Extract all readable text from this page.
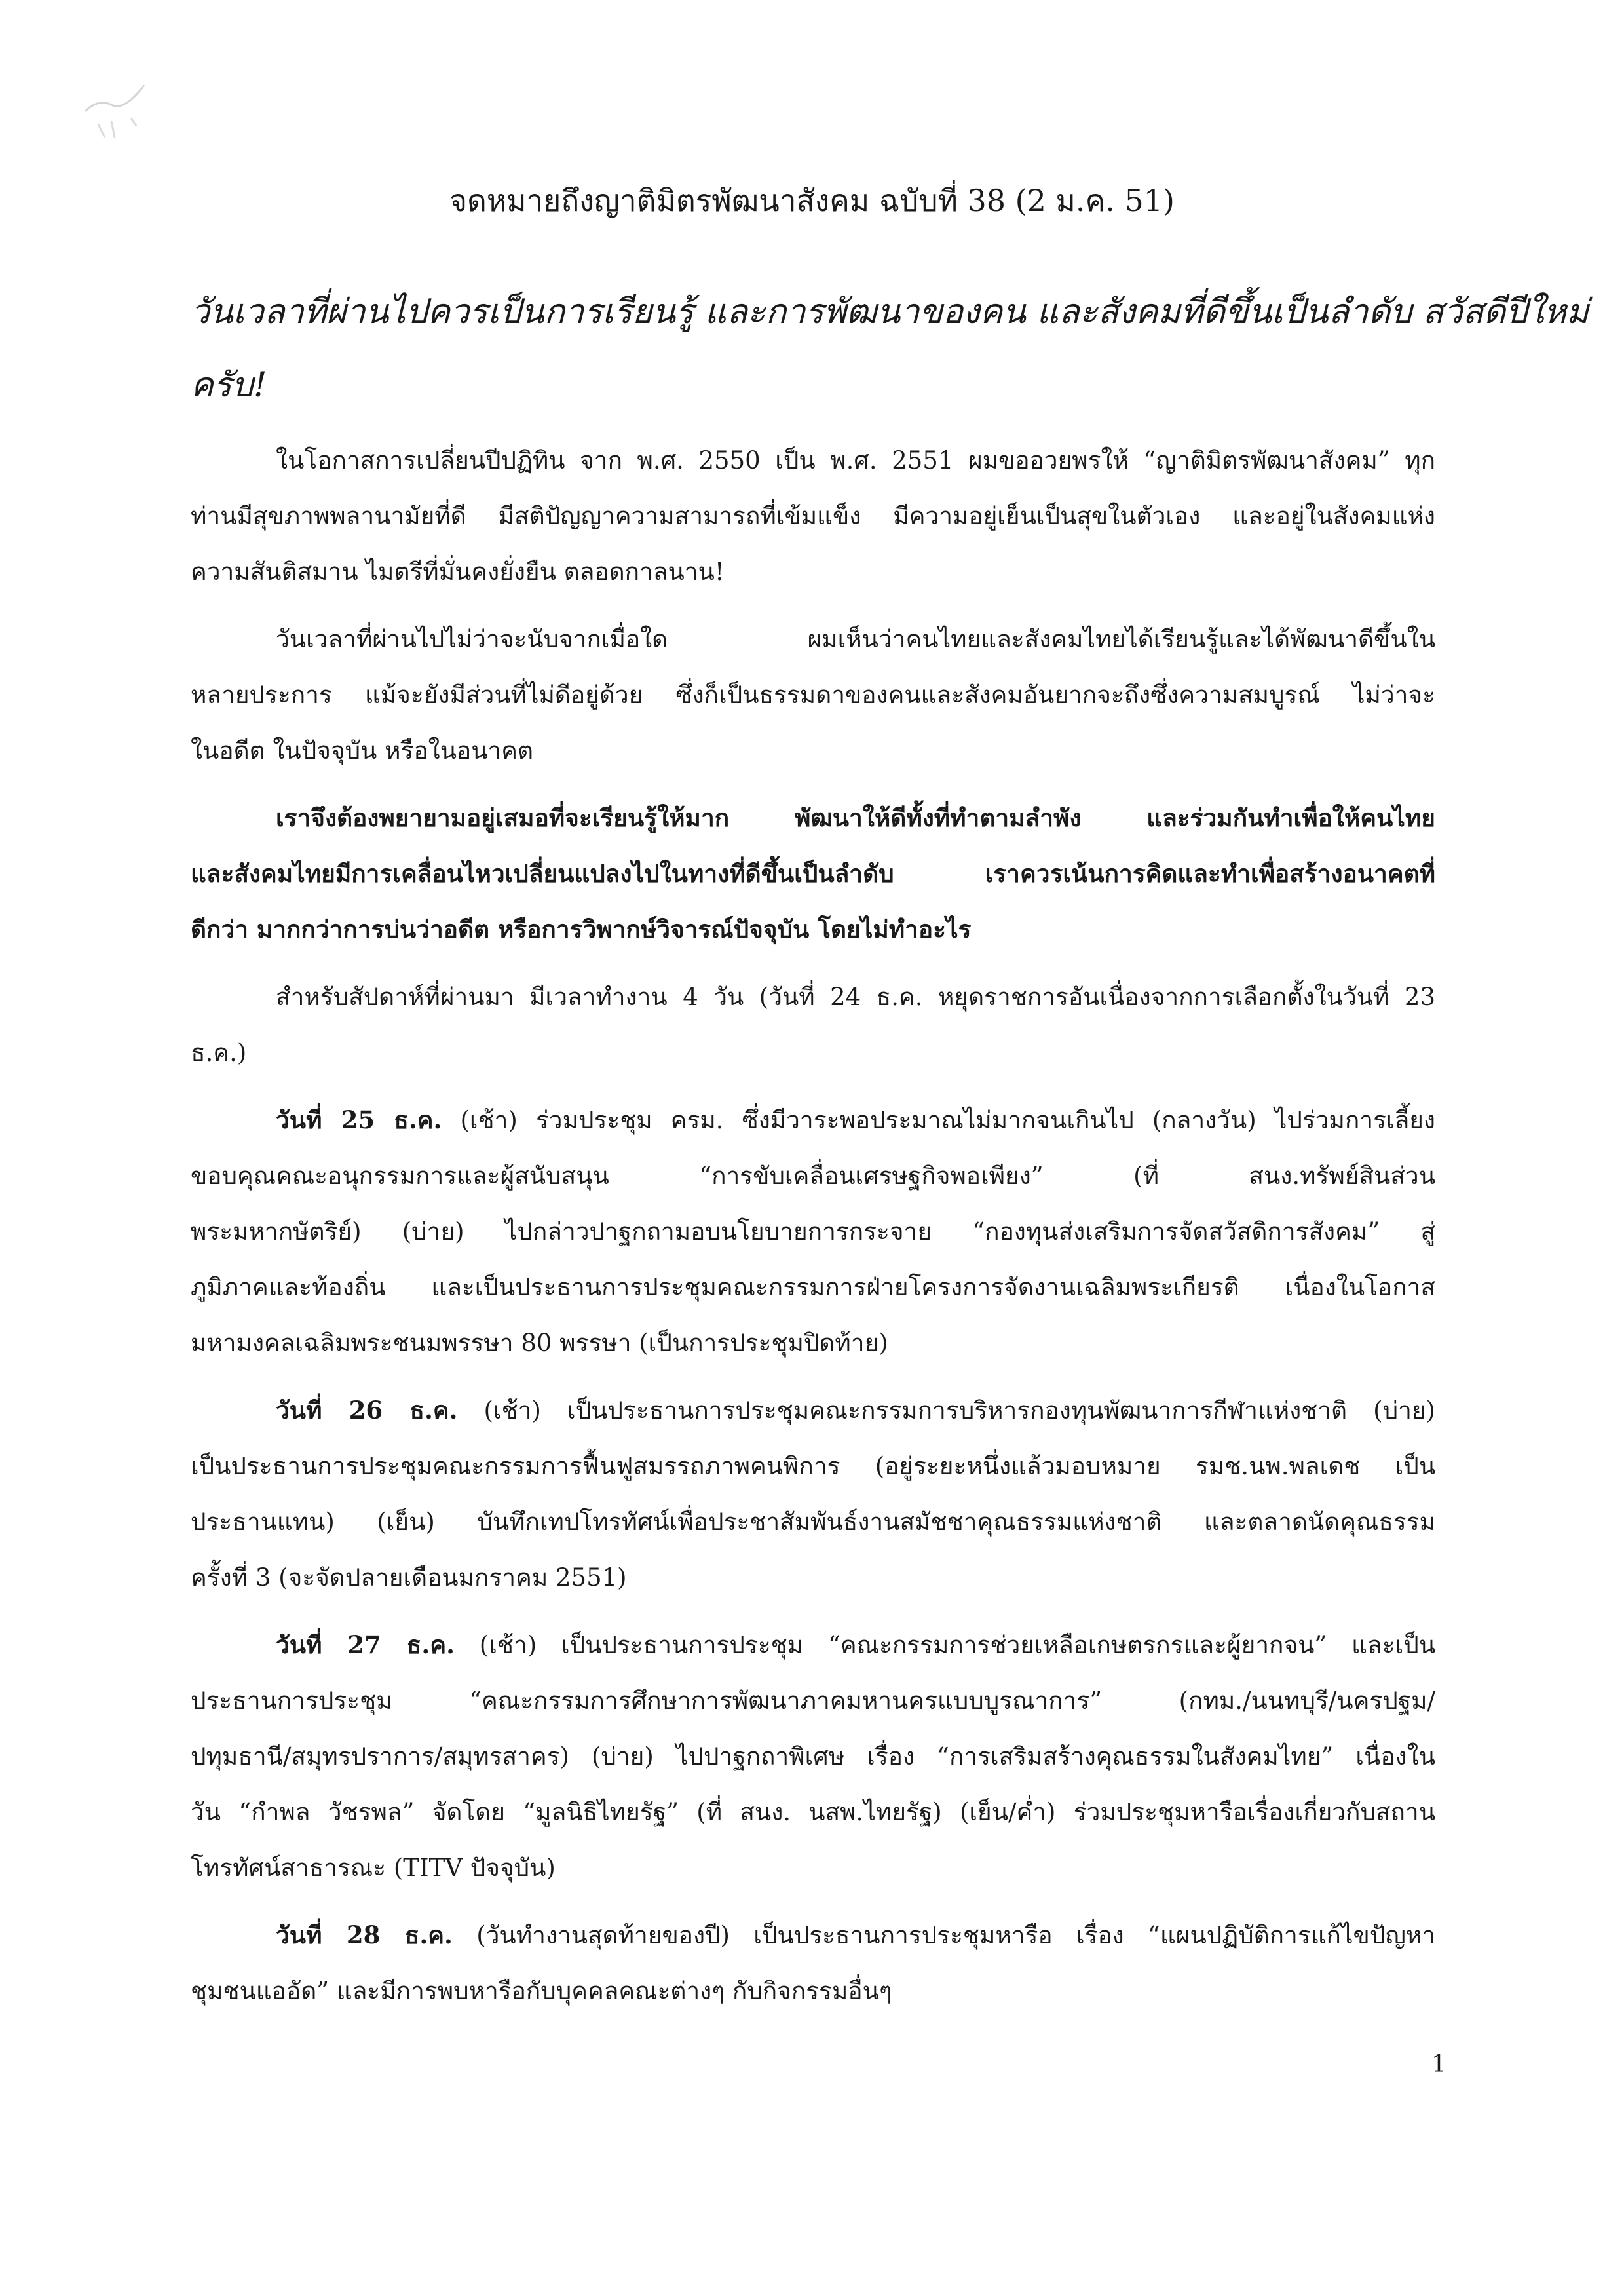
จดหมายถึงญาติมิตรพัฒนาสังคม ฉบับที่ 38 (2 ม.ค. 51)
วันเวลาที่ผ่านไปควรเป็นการเรียนรู้ และการพัฒนาของคน และสังคมที่ดีขึ้นเป็นลำดับ สวัสดีปีใหม่
ครับ!
ในโอกาสการเปลี่ยนปีปฏิทิน จาก พ.ศ. 2550 เป็น พ.ศ. 2551 ผมขออวยพรให้ “ญาติมิตรพัฒนาสังคม” ทุก
ท่านมีสุขภาพพลานามัยที่ดี มีสติปัญญาความสามารถที่เข้มแข็ง มีความอยู่เย็นเป็นสุขในตัวเอง และอยู่ในสังคมแห่ง
ความสันติสมาน ไมตรีที่มั่นคงยั่งยืน ตลอดกาลนาน!
วันเวลาที่ผ่านไปไม่ว่าจะนับจากเมื่อใด ผมเห็นว่าคนไทยและสังคมไทยได้เรียนรู้และได้พัฒนาดีขึ้นใน
หลายประการ แม้จะยังมีส่วนที่ไม่ดีอยู่ด้วย ซึ่งก็เป็นธรรมดาของคนและสังคมอันยากจะถึงซึ่งความสมบูรณ์ ไม่ว่าจะ
ในอดีต ในปัจจุบัน หรือในอนาคต
เราจึงต้องพยายามอยู่เสมอที่จะเรียนรู้ให้มาก พัฒนาให้ดีทั้งที่ทำตามลำพัง และร่วมกันทำเพื่อให้คนไทย
และสังคมไทยมีการเคลื่อนไหวเปลี่ยนแปลงไปในทางที่ดีขึ้นเป็นลำดับ เราควรเน้นการคิดและทำเพื่อสร้างอนาคตที่
ดีกว่า มากกว่าการบ่นว่าอดีต หรือการวิพากษ์วิจารณ์ปัจจุบัน โดยไม่ทำอะไร
สำหรับสัปดาห์ที่ผ่านมา มีเวลาทำงาน 4 วัน (วันที่ 24 ธ.ค. หยุดราชการอันเนื่องจากการเลือกตั้งในวันที่ 23
ธ.ค.)
วันที่ 25 ธ.ค. (เช้า) ร่วมประชุม ครม. ซึ่งมีวาระพอประมาณไม่มากจนเกินไป (กลางวัน) ไปร่วมการเลี้ยง
ขอบคุณคณะอนุกรรมการและผู้สนับสนุน “การขับเคลื่อนเศรษฐกิจพอเพียง” (ที่ สนง.ทรัพย์สินส่วน
พระมหากษัตริย์) (บ่าย) ไปกล่าวปาฐกถามอบนโยบายการกระจาย “กองทุนส่งเสริมการจัดสวัสดิการสังคม” สู่
ภูมิภาคและท้องถิ่น และเป็นประธานการประชุมคณะกรรมการฝ่ายโครงการจัดงานเฉลิมพระเกียรติ เนื่องในโอกาส
มหามงคลเฉลิมพระชนมพรรษา 80 พรรษา (เป็นการประชุมปิดท้าย)
วันที่ 26 ธ.ค. (เช้า) เป็นประธานการประชุมคณะกรรมการบริหารกองทุนพัฒนาการกีฬาแห่งชาติ (บ่าย)
เป็นประธานการประชุมคณะกรรมการฟื้นฟูสมรรถภาพคนพิการ (อยู่ระยะหนึ่งแล้วมอบหมาย รมช.นพ.พลเดช เป็น
ประธานแทน) (เย็น) บันทึกเทปโทรทัศน์เพื่อประชาสัมพันธ์งานสมัชชาคุณธรรมแห่งชาติ และตลาดนัดคุณธรรม
ครั้งที่ 3 (จะจัดปลายเดือนมกราคม 2551)
วันที่ 27 ธ.ค. (เช้า) เป็นประธานการประชุม “คณะกรรมการช่วยเหลือเกษตรกรและผู้ยากจน” และเป็น
ประธานการประชุม “คณะกรรมการศึกษาการพัฒนาภาคมหานครแบบบูรณาการ” (กทม./นนทบุรี/นครปฐม/
ปทุมธานี/สมุทรปราการ/สมุทรสาคร) (บ่าย) ไปปาฐกถาพิเศษ เรื่อง “การเสริมสร้างคุณธรรมในสังคมไทย” เนื่องใน
วัน “กำพล วัชรพล” จัดโดย “มูลนิธิไทยรัฐ” (ที่ สนง. นสพ.ไทยรัฐ) (เย็น/ค่ำ) ร่วมประชุมหารือเรื่องเกี่ยวกับสถาน
โทรทัศน์สาธารณะ (TITV ปัจจุบัน)
วันที่ 28 ธ.ค. (วันทำงานสุดท้ายของปี) เป็นประธานการประชุมหารือ เรื่อง “แผนปฏิบัติการแก้ไขปัญหา
ชุมชนแออัด” และมีการพบหารือกับบุคคลคณะต่างๆ กับกิจกรรมอื่นๆ
1
